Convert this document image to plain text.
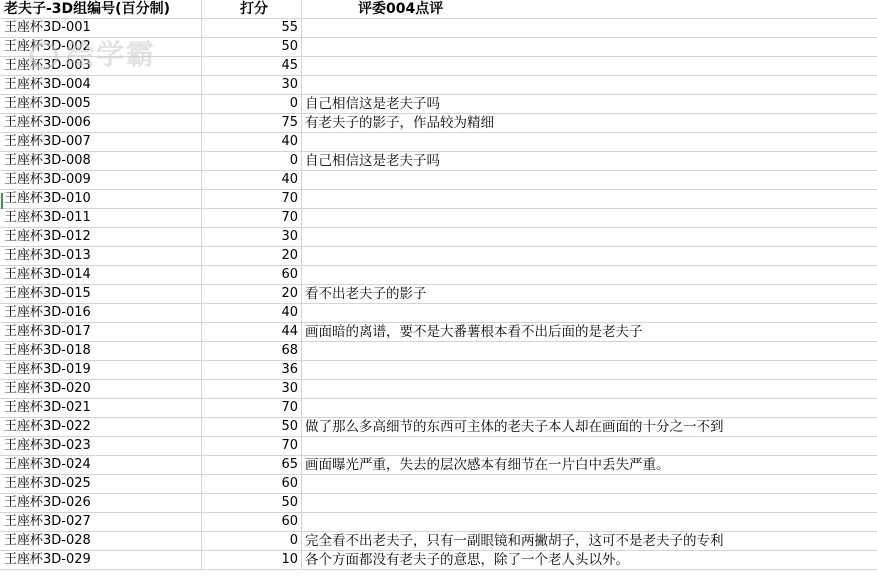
老夫子-3D组编号(百分制)	打分	评委004点评
王座杯3D-001	55
王座杯3D-002	50
王座杯3D-003	45
王座杯3D-004	30
王座杯3D-005	0 自己相信这是老夫子吗
王座杯3D-006	75 有老夫子的影子，作品较为精细
王座杯3D-007	40
王座杯3D-008	0 自己相信这是老夫子吗
王座杯3D-009	40
王座杯3D-010	70
王座杯3D-011	70
王座杯3D-012	30
王座杯3D-013	20
王座杯3D-014	60
王座杯3D-015	20 看不出老夫子的影子
王座杯3D-016	40
王座杯3D-017	44 画面暗的离谱，要不是大番薯根本看不出后面的是老夫子
王座杯3D-018	68
王座杯3D-019	36
王座杯3D-020	30
王座杯3D-021	70
王座杯3D-022	50 做了那么多高细节的东西可主体的老夫子本人却在画面的十分之一不到
王座杯3D-023	70
王座杯3D-024	65 画面曝光严重，失去的层次感本有细节在一片白中丢失严重。
王座杯3D-025	60
王座杯3D-026	50
王座杯3D-027	60
王座杯3D-028	0 完全看不出老夫子，只有一副眼镜和两撇胡子，这可不是老夫子的专利
王座杯3D-029	10 各个方面都没有老夫子的意思，除了一个老人头以外。
绘学霸
